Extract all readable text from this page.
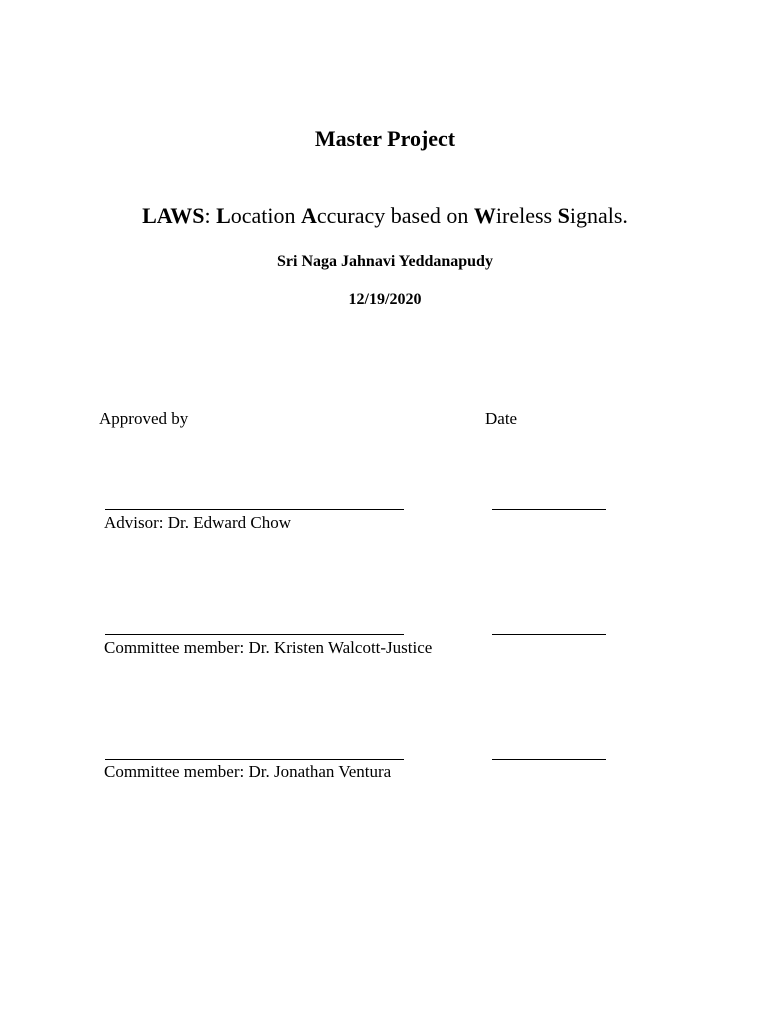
Master Project
LAWS: Location Accuracy based on Wireless Signals.
Sri Naga Jahnavi Yeddanapudy
12/19/2020
Approved by	Date
Advisor: Dr. Edward Chow
Committee member: Dr. Kristen Walcott-Justice
Committee member: Dr. Jonathan Ventura
